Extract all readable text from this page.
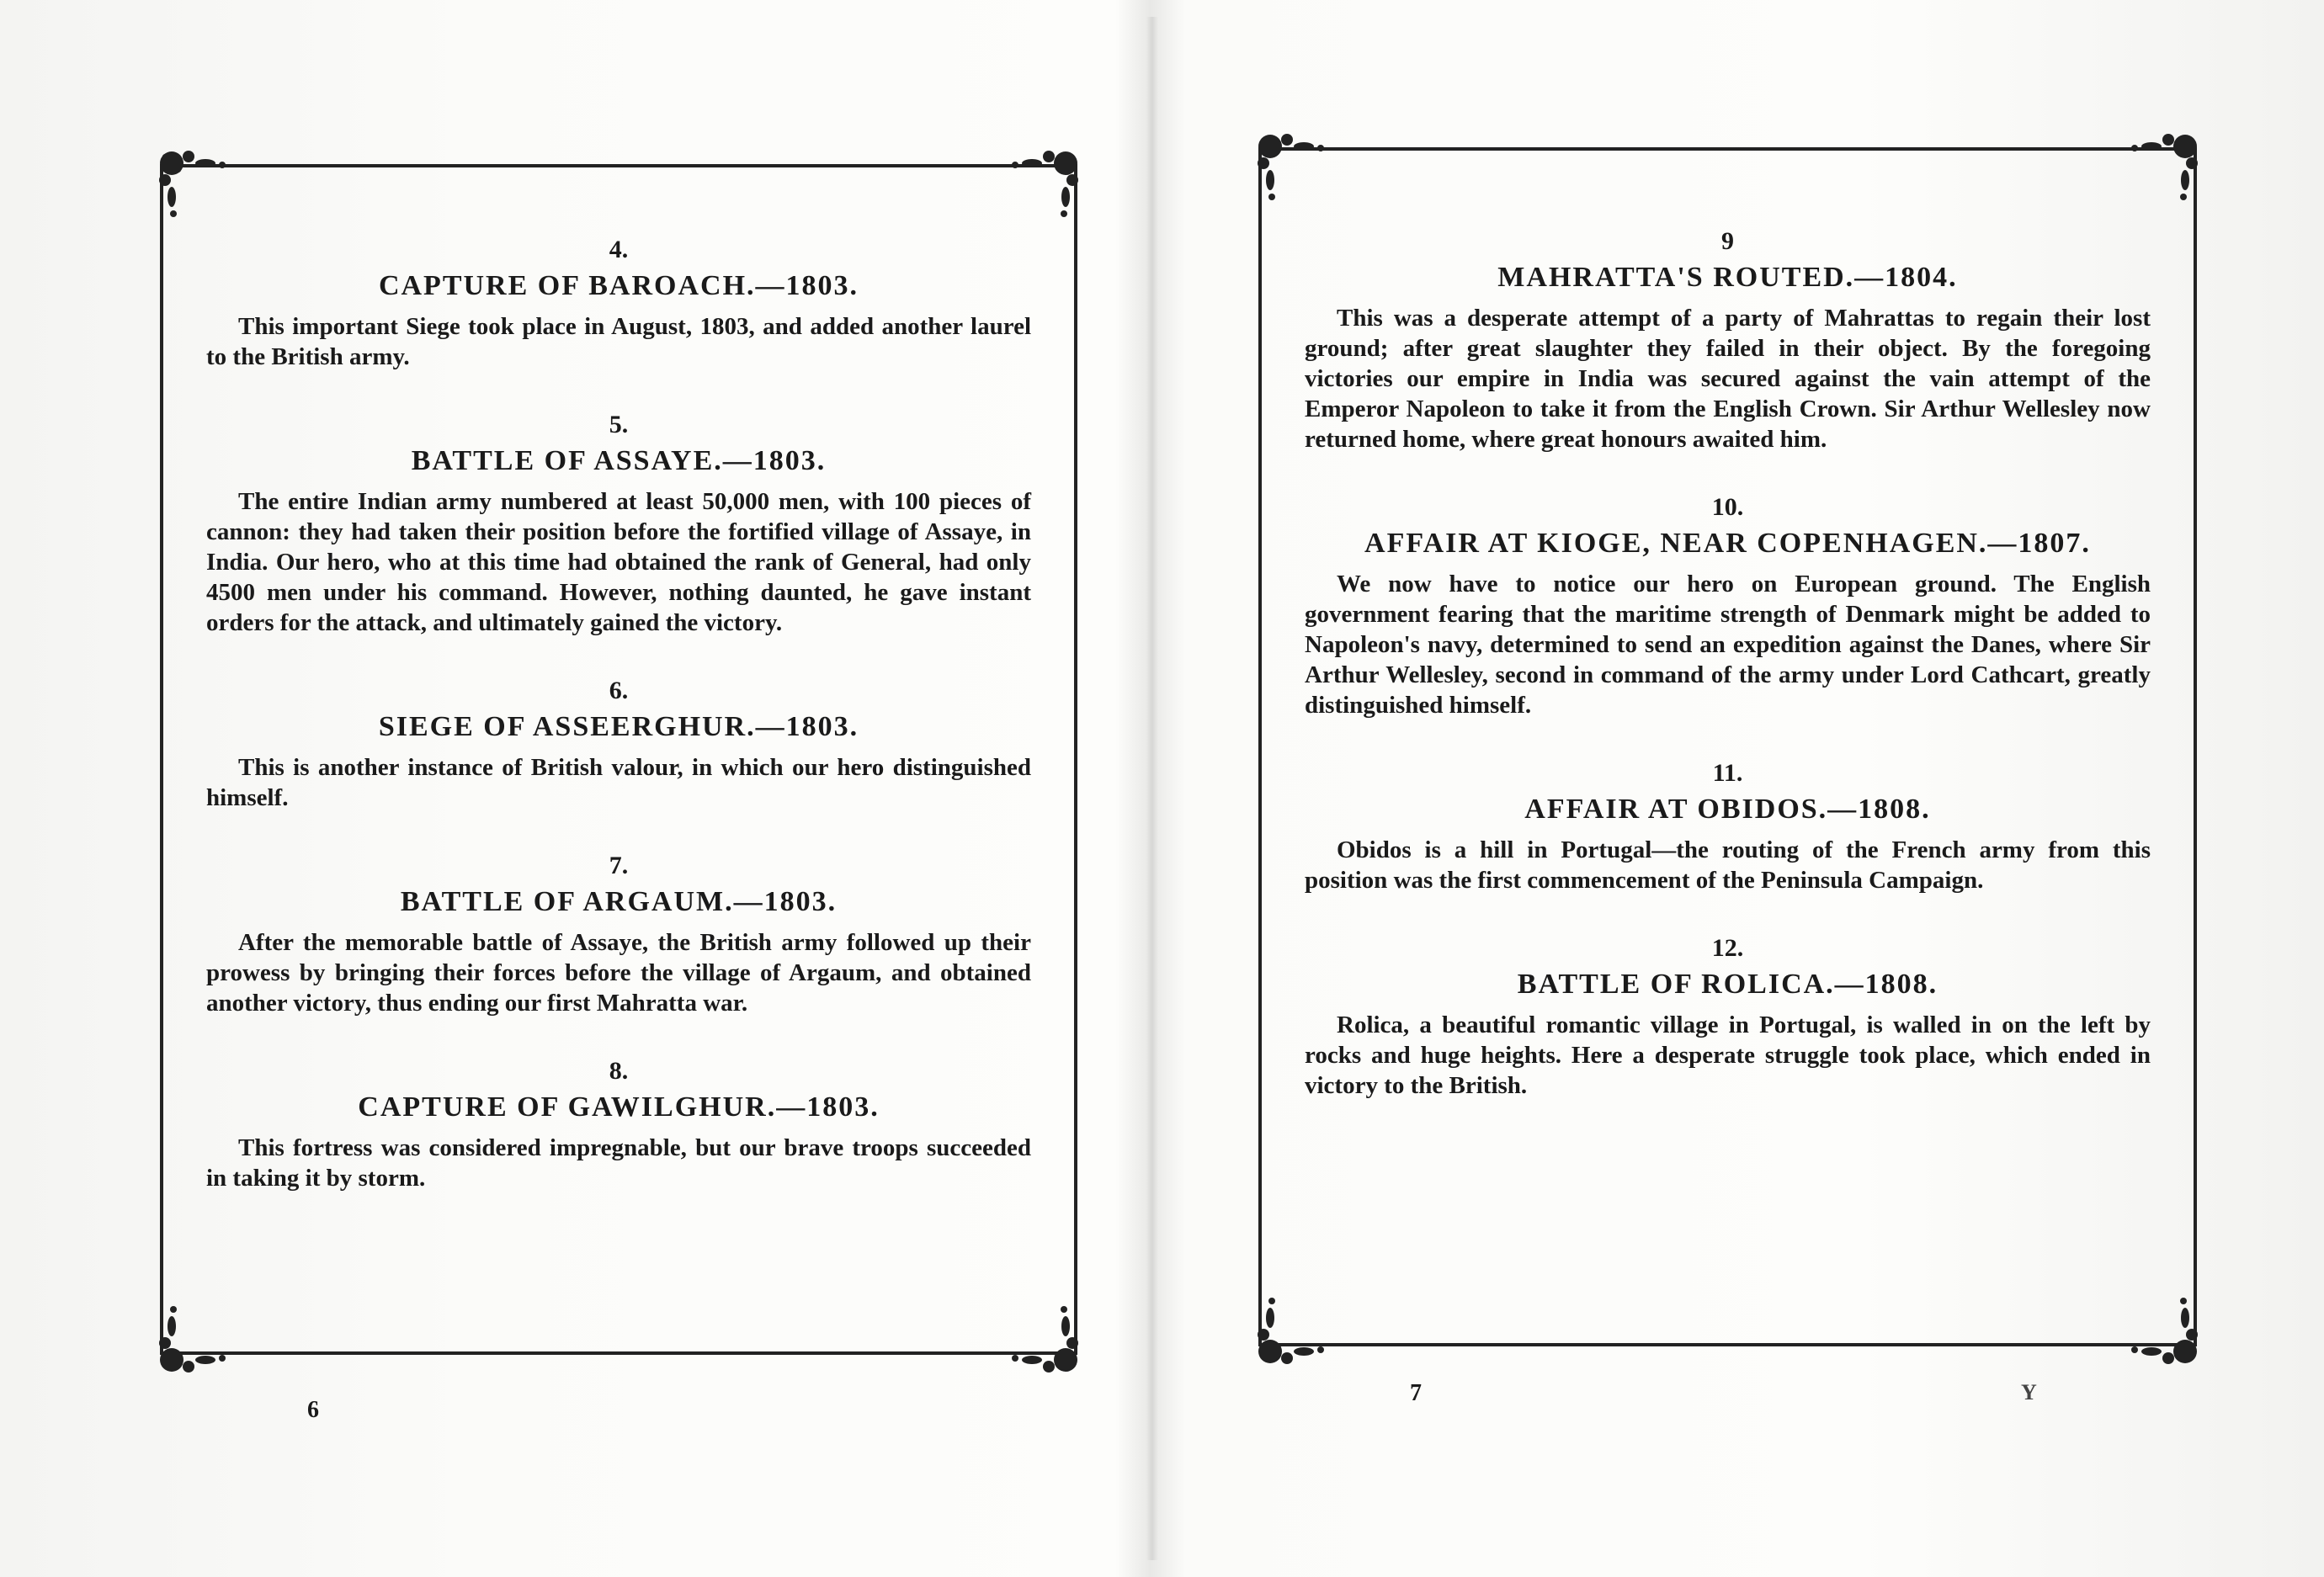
4.

CAPTURE OF BAROACH.—1803.

This important Siege took place in August, 1803, and added another laurel to the British army.

5.

BATTLE OF ASSAYE.—1803.

The entire Indian army numbered at least 50,000 men, with 100 pieces of cannon: they had taken their position before the fortified village of Assaye, in India. Our hero, who at this time had obtained the rank of General, had only 4500 men under his command. However, nothing daunted, he gave instant orders for the attack, and ultimately gained the victory.

6.

SIEGE OF ASSEERGHUR.—1803.

This is another instance of British valour, in which our hero distinguished himself.

7.

BATTLE OF ARGAUM.—1803.

After the memorable battle of Assaye, the British army followed up their prowess by bringing their forces before the village of Argaum, and obtained another victory, thus ending our first Mahratta war.

8.

CAPTURE OF GAWILGHUR.—1803.

This fortress was considered impregnable, but our brave troops succeeded in taking it by storm.

6

9

MAHRATTA'S ROUTED.—1804.

This was a desperate attempt of a party of Mahrattas to regain their lost ground; after great slaughter they failed in their object. By the foregoing victories our empire in India was secured against the vain attempt of the Emperor Napoleon to take it from the English Crown. Sir Arthur Wellesley now returned home, where great honours awaited him.

10.

AFFAIR AT KIOGE, NEAR COPENHAGEN.—1807.

We now have to notice our hero on European ground. The English government fearing that the maritime strength of Denmark might be added to Napoleon's navy, determined to send an expedition against the Danes, where Sir Arthur Wellesley, second in command of the army under Lord Cathcart, greatly distinguished himself.

11.

AFFAIR AT OBIDOS.—1808.

Obidos is a hill in Portugal—the routing of the French army from this position was the first commencement of the Peninsula Campaign.

12.

BATTLE OF ROLICA.—1808.

Rolica, a beautiful romantic village in Portugal, is walled in on the left by rocks and huge heights. Here a desperate struggle took place, which ended in victory to the British.

7	Y
